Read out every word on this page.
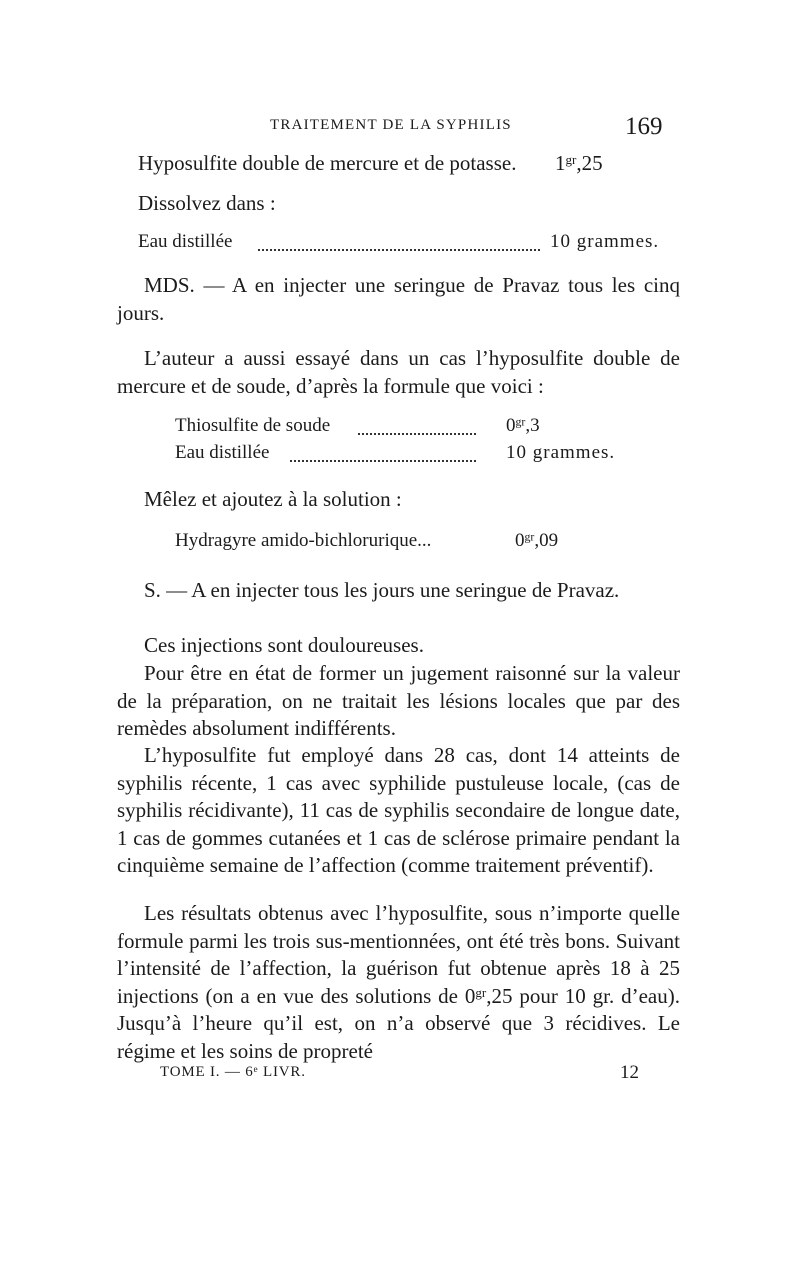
TRAITEMENT DE LA SYPHILIS	169
Hyposulfite double de mercure et de potasse. $1^{gr},25$
Dissolvez dans :
Eau distillée	10 grammes.

MDS. — A en injecter une seringue de Pravaz tous les cinq jours.

L’auteur a aussi essayé dans un cas l’hyposulfite double de mercure et de soude, d’après la formule que voici :

Thiosulfite de soude	$0^{gr},3$
Eau distillée	10 grammes.
Mêlez et ajoutez à la solution :
Hydragyre amido-bichlorurique...	$0^{gr},09$

S. — A en injecter tous les jours une seringue de Pravaz.

Ces injections sont douloureuses.

Pour être en état de former un jugement raisonné sur la valeur de la préparation, on ne traitait les lésions locales que par des remèdes absolument indifférents.

L’hyposulfite fut employé dans 28 cas, dont 14 atteints de syphilis récente, 1 cas avec syphilide pustuleuse locale, (cas de syphilis récidivante), 11 cas de syphilis secondaire de longue date, 1 cas de gommes cutanées et 1 cas de sclérose primaire pendant la cinquième semaine de l’affection (comme traitement préventif).

Les résultats obtenus avec l’hyposulfite, sous n’importe quelle formule parmi les trois sus-mentionnées, ont été très bons. Suivant l’intensité de l’affection, la guérison fut obtenue après 18 à 25 injections (on a en vue des solutions de $0^{gr},25$ pour 10 gr. d’eau). Jusqu’à l’heure qu’il est, on n’a observé que 3 récidives. Le régime et les soins de propreté

TOME I. — 6e LIVR.	12
